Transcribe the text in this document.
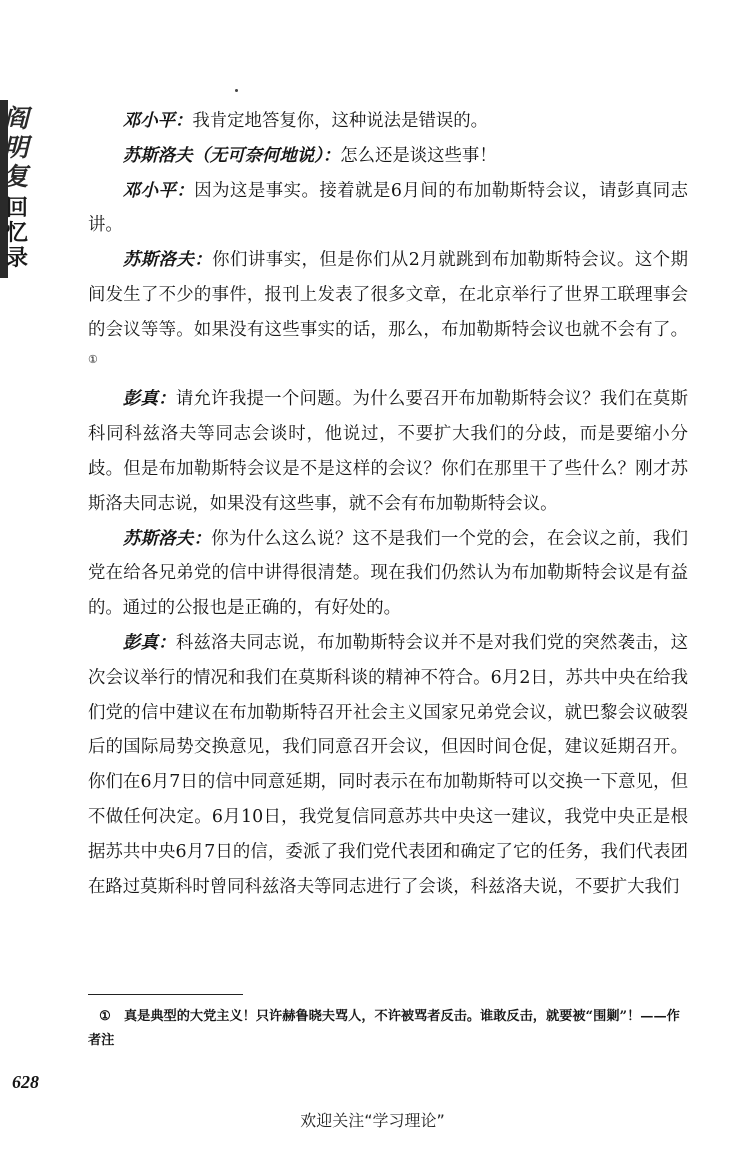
阎明复
回忆录

邓小平：我肯定地答复你，这种说法是错误的。

苏斯洛夫（无可奈何地说）：怎么还是谈这些事！

邓小平：因为这是事实。接着就是6月间的布加勒斯特会议，请彭真同志讲。

苏斯洛夫：你们讲事实，但是你们从2月就跳到布加勒斯特会议。这个期间发生了不少的事件，报刊上发表了很多文章，在北京举行了世界工联理事会的会议等等。如果没有这些事实的话，那么，布加勒斯特会议也就不会有了。①

彭真：请允许我提一个问题。为什么要召开布加勒斯特会议？我们在莫斯科同科兹洛夫等同志会谈时，他说过，不要扩大我们的分歧，而是要缩小分歧。但是布加勒斯特会议是不是这样的会议？你们在那里干了些什么？刚才苏斯洛夫同志说，如果没有这些事，就不会有布加勒斯特会议。

苏斯洛夫：你为什么这么说？这不是我们一个党的会，在会议之前，我们党在给各兄弟党的信中讲得很清楚。现在我们仍然认为布加勒斯特会议是有益的。通过的公报也是正确的，有好处的。

彭真：科兹洛夫同志说，布加勒斯特会议并不是对我们党的突然袭击，这次会议举行的情况和我们在莫斯科谈的精神不符合。6月2日，苏共中央在给我们党的信中建议在布加勒斯特召开社会主义国家兄弟党会议，就巴黎会议破裂后的国际局势交换意见，我们同意召开会议，但因时间仓促，建议延期召开。你们在6月7日的信中同意延期，同时表示在布加勒斯特可以交换一下意见，但不做任何决定。6月10日，我党复信同意苏共中央这一建议，我党中央正是根据苏共中央6月7日的信，委派了我们党代表团和确定了它的任务，我们代表团在路过莫斯科时曾同科兹洛夫等同志进行了会谈，科兹洛夫说，不要扩大我们

① 真是典型的大党主义！只许赫鲁晓夫骂人，不许被骂者反击。谁敢反击，就要被“围剿”！——作者注
628
欢迎关注“学习理论”
